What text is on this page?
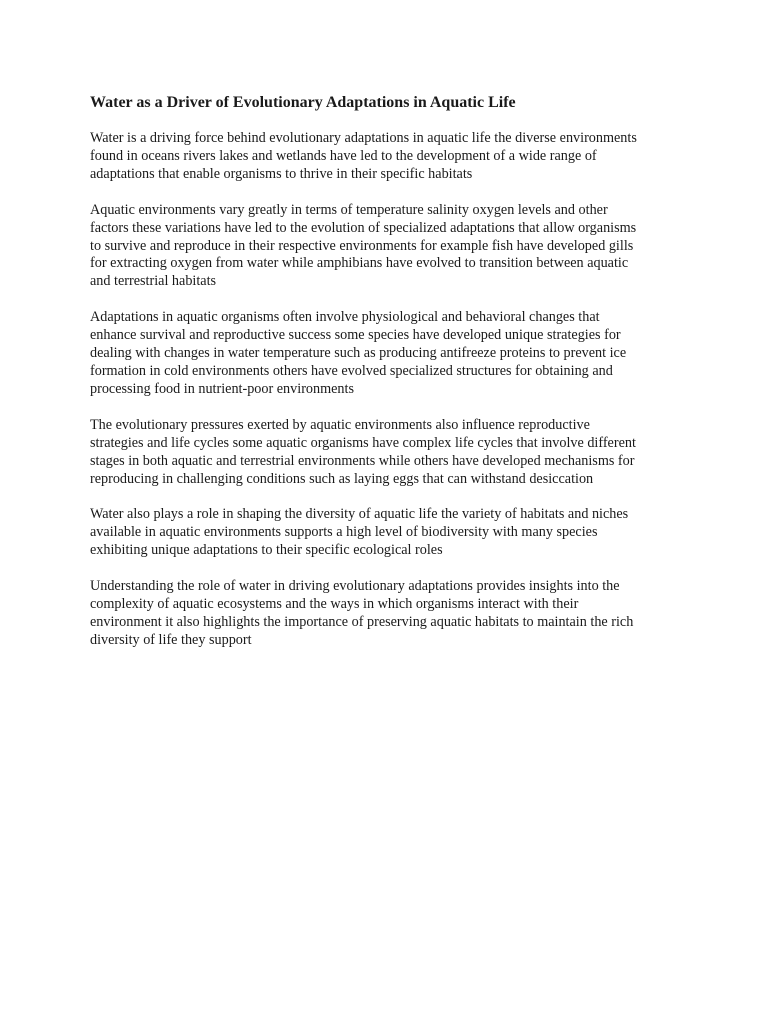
Water as a Driver of Evolutionary Adaptations in Aquatic Life

Water is a driving force behind evolutionary adaptations in aquatic life the diverse environments
found in oceans rivers lakes and wetlands have led to the development of a wide range of
adaptations that enable organisms to thrive in their specific habitats

Aquatic environments vary greatly in terms of temperature salinity oxygen levels and other
factors these variations have led to the evolution of specialized adaptations that allow organisms
to survive and reproduce in their respective environments for example fish have developed gills
for extracting oxygen from water while amphibians have evolved to transition between aquatic
and terrestrial habitats

Adaptations in aquatic organisms often involve physiological and behavioral changes that
enhance survival and reproductive success some species have developed unique strategies for
dealing with changes in water temperature such as producing antifreeze proteins to prevent ice
formation in cold environments others have evolved specialized structures for obtaining and
processing food in nutrient-poor environments

The evolutionary pressures exerted by aquatic environments also influence reproductive
strategies and life cycles some aquatic organisms have complex life cycles that involve different
stages in both aquatic and terrestrial environments while others have developed mechanisms for
reproducing in challenging conditions such as laying eggs that can withstand desiccation

Water also plays a role in shaping the diversity of aquatic life the variety of habitats and niches
available in aquatic environments supports a high level of biodiversity with many species
exhibiting unique adaptations to their specific ecological roles

Understanding the role of water in driving evolutionary adaptations provides insights into the
complexity of aquatic ecosystems and the ways in which organisms interact with their
environment it also highlights the importance of preserving aquatic habitats to maintain the rich
diversity of life they support
